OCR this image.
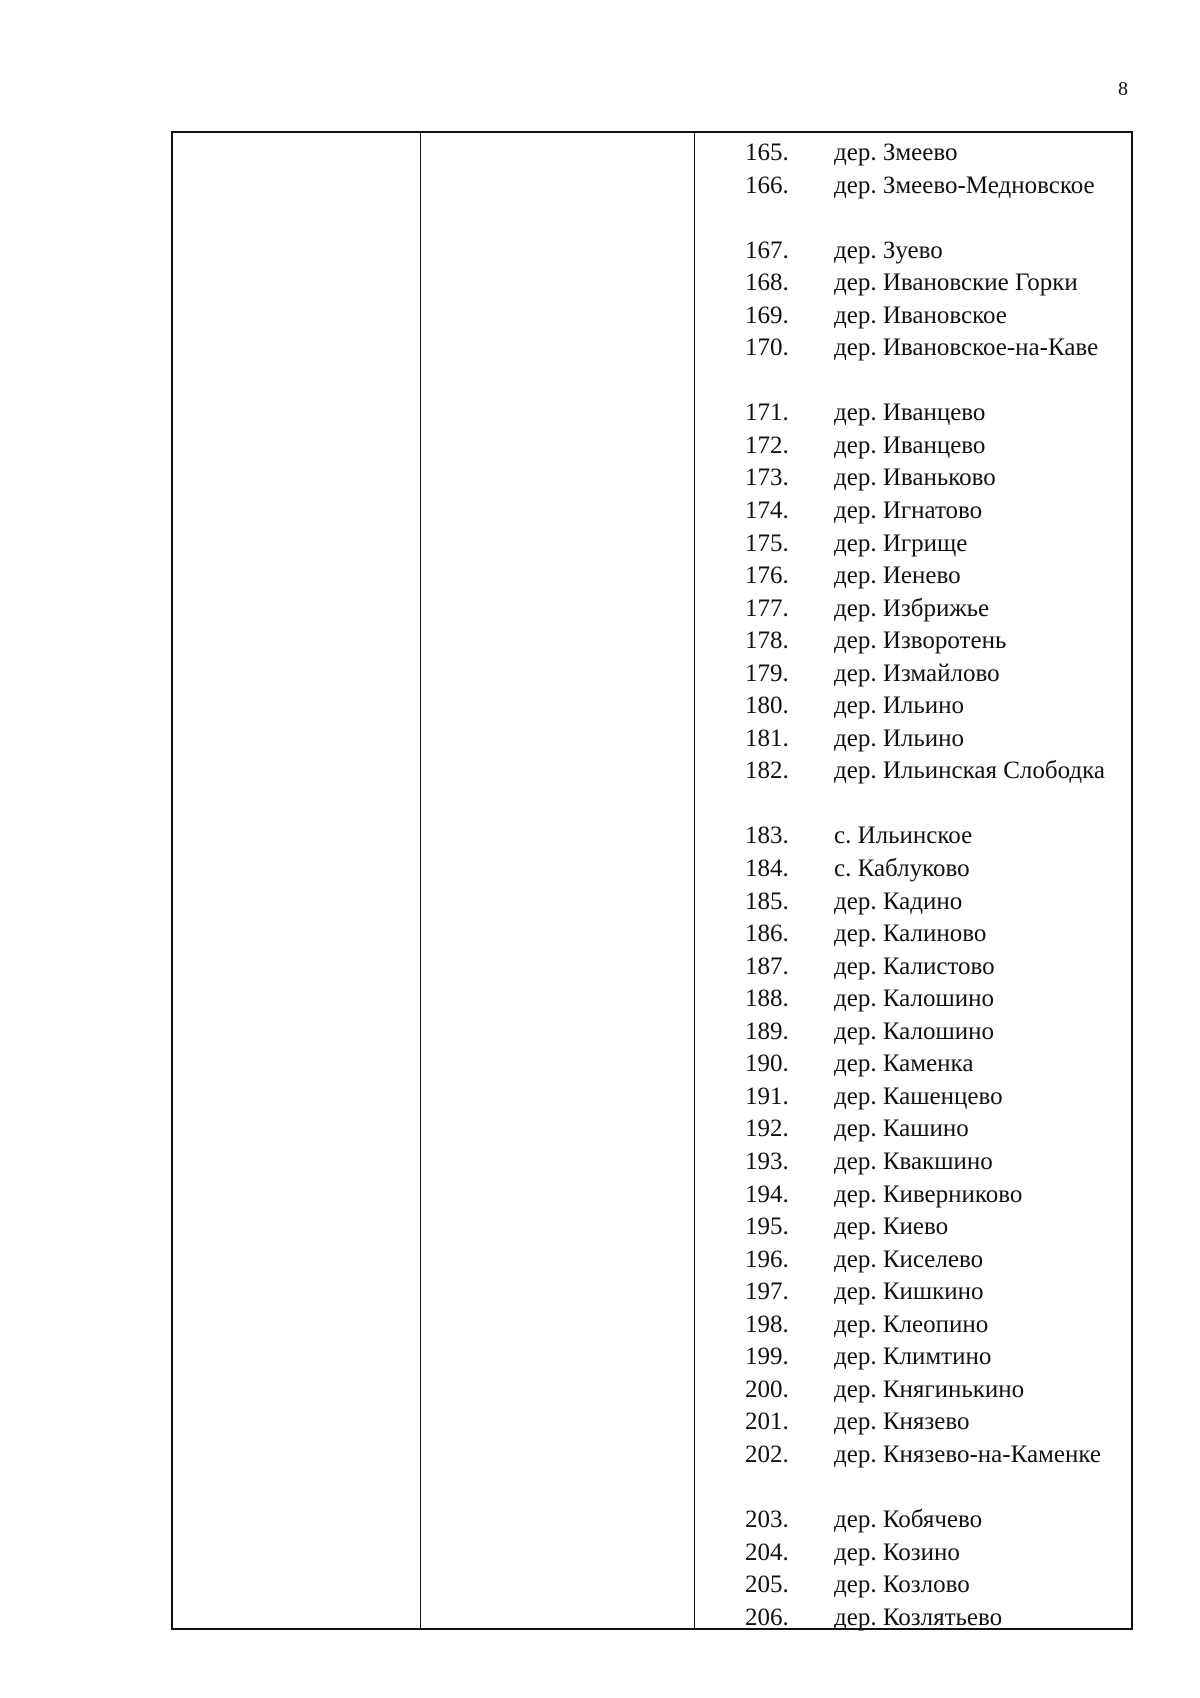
8
165. дер. Змеево
166.	дер. Змеево-Медновское
167. дер. Зуево
168. дер. Ивановские Горки
169. дер. Ивановское
170.	дер. Ивановское-на-Каве
171. дер. Иванцево
172. дер. Иванцево
173. дер. Иваньково
174. дер. Игнатово
175. дер. Игрище
176. дер. Иенево
177. дер. Избрижье
178. дер. Изворотень
179. дер. Измайлово
180. дер. Ильино
181. дер. Ильино
182.	дер. Ильинская Слободка
183. с. Ильинское
184. с. Каблуково
185. дер. Кадино
186. дер. Калиново
187. дер. Калистово
188. дер. Калошино
189. дер. Калошино
190. дер. Каменка
191. дер. Кашенцево
192. дер. Кашино
193. дер. Квакшино
194. дер. Киверниково
195. дер. Киево
196. дер. Киселево
197. дер. Кишкино
198. дер. Клеопино
199. дер. Климтино
200. дер. Княгинькино
201. дер. Князево
202.	дер. Князево-на-Каменке
203. дер. Кобячево
204. дер. Козино
205. дер. Козлово
206. дер. Козлятьево
